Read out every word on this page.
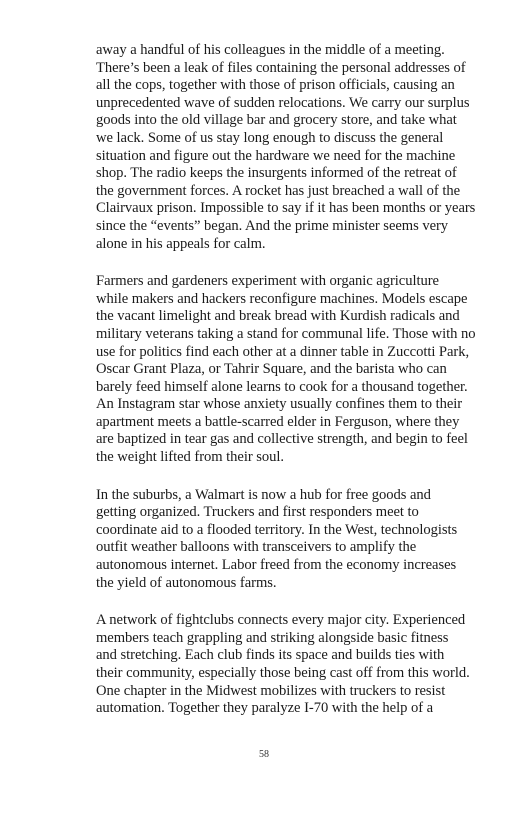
away a handful of his colleagues in the middle of a meeting.
There’s been a leak of files containing the personal addresses of
all the cops, together with those of prison officials, causing an
unprecedented wave of sudden relocations. We carry our surplus
goods into the old village bar and grocery store, and take what
we lack. Some of us stay long enough to discuss the general
situation and figure out the hardware we need for the machine
shop. The radio keeps the insurgents informed of the retreat of
the government forces. A rocket has just breached a wall of the
Clairvaux prison. Impossible to say if it has been months or years
since the “events” began. And the prime minister seems very
alone in his appeals for calm.

Farmers and gardeners experiment with organic agriculture
while makers and hackers reconfigure machines. Models escape
the vacant limelight and break bread with Kurdish radicals and
military veterans taking a stand for communal life. Those with no
use for politics find each other at a dinner table in Zuccotti Park,
Oscar Grant Plaza, or Tahrir Square, and the barista who can
barely feed himself alone learns to cook for a thousand together.
An Instagram star whose anxiety usually confines them to their
apartment meets a battle-scarred elder in Ferguson, where they
are baptized in tear gas and collective strength, and begin to feel
the weight lifted from their soul.

In the suburbs, a Walmart is now a hub for free goods and
getting organized. Truckers and first responders meet to
coordinate aid to a flooded territory. In the West, technologists
outfit weather balloons with transceivers to amplify the
autonomous internet. Labor freed from the economy increases
the yield of autonomous farms.

A network of fightclubs connects every major city. Experienced
members teach grappling and striking alongside basic fitness
and stretching. Each club finds its space and builds ties with
their community, especially those being cast off from this world.
One chapter in the Midwest mobilizes with truckers to resist
automation. Together they paralyze I-70 with the help of a

58
